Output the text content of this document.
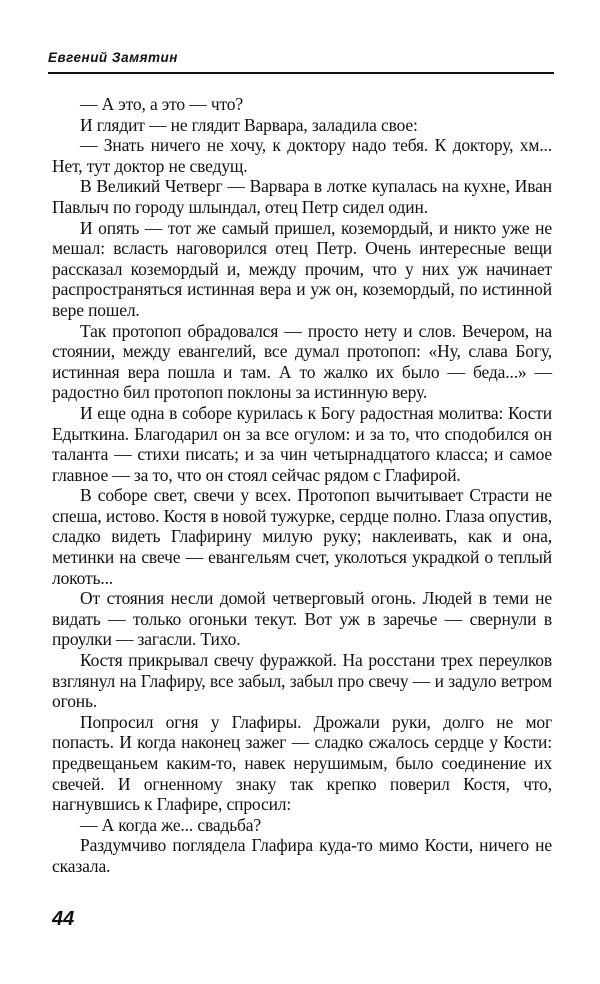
Евгений Замятин

— А это, а это — что?

И глядит — не глядит Варвара, заладила свое:

— Знать ничего не хочу, к доктору надо тебя. К доктору, хм... Нет, тут доктор не сведущ.

В Великий Четверг — Варвара в лотке купалась на кухне, Иван Павлыч по городу шлындал, отец Петр сидел один.

И опять — тот же самый пришел, коземордый, и никто уже не мешал: всласть наговорился отец Петр. Очень интересные вещи рассказал коземордый и, между прочим, что у них уж начинает распространяться истинная вера и уж он, коземордый, по истинной вере пошел.

Так протопоп обрадовался — просто нету и слов. Вечером, на стоянии, между евангелий, все думал протопоп: «Ну, слава Богу, истинная вера пошла и там. А то жалко их было — беда...» — радостно бил протопоп поклоны за истинную веру.

И еще одна в соборе курилась к Богу радостная молитва: Кости Едыткина. Благодарил он за все огулом: и за то, что сподобился он таланта — стихи писать; и за чин четырнадцатого класса; и самое главное — за то, что он стоял сейчас рядом с Глафирой.

В соборе свет, свечи у всех. Протопоп вычитывает Страсти не спеша, истово. Костя в новой тужурке, сердце полно. Глаза опустив, сладко видеть Глафирину милую руку; наклеивать, как и она, метинки на свече — евангельям счет, уколоться украдкой о теплый локоть...

От стояния несли домой четверговый огонь. Людей в теми не видать — только огоньки текут. Вот уж в заречье — свернули в проулки — загасли. Тихо.

Костя прикрывал свечу фуражкой. На росстани трех переулков взглянул на Глафиру, все забыл, забыл про свечу — и задуло ветром огонь.

Попросил огня у Глафиры. Дрожали руки, долго не мог попасть. И когда наконец зажег — сладко сжалось сердце у Кости: предвещаньем каким-то, навек нерушимым, было соединение их свечей. И огненному знаку так крепко поверил Костя, что, нагнувшись к Глафире, спросил:

— А когда же... свадьба?

Раздумчиво поглядела Глафира куда-то мимо Кости, ничего не сказала.

44
